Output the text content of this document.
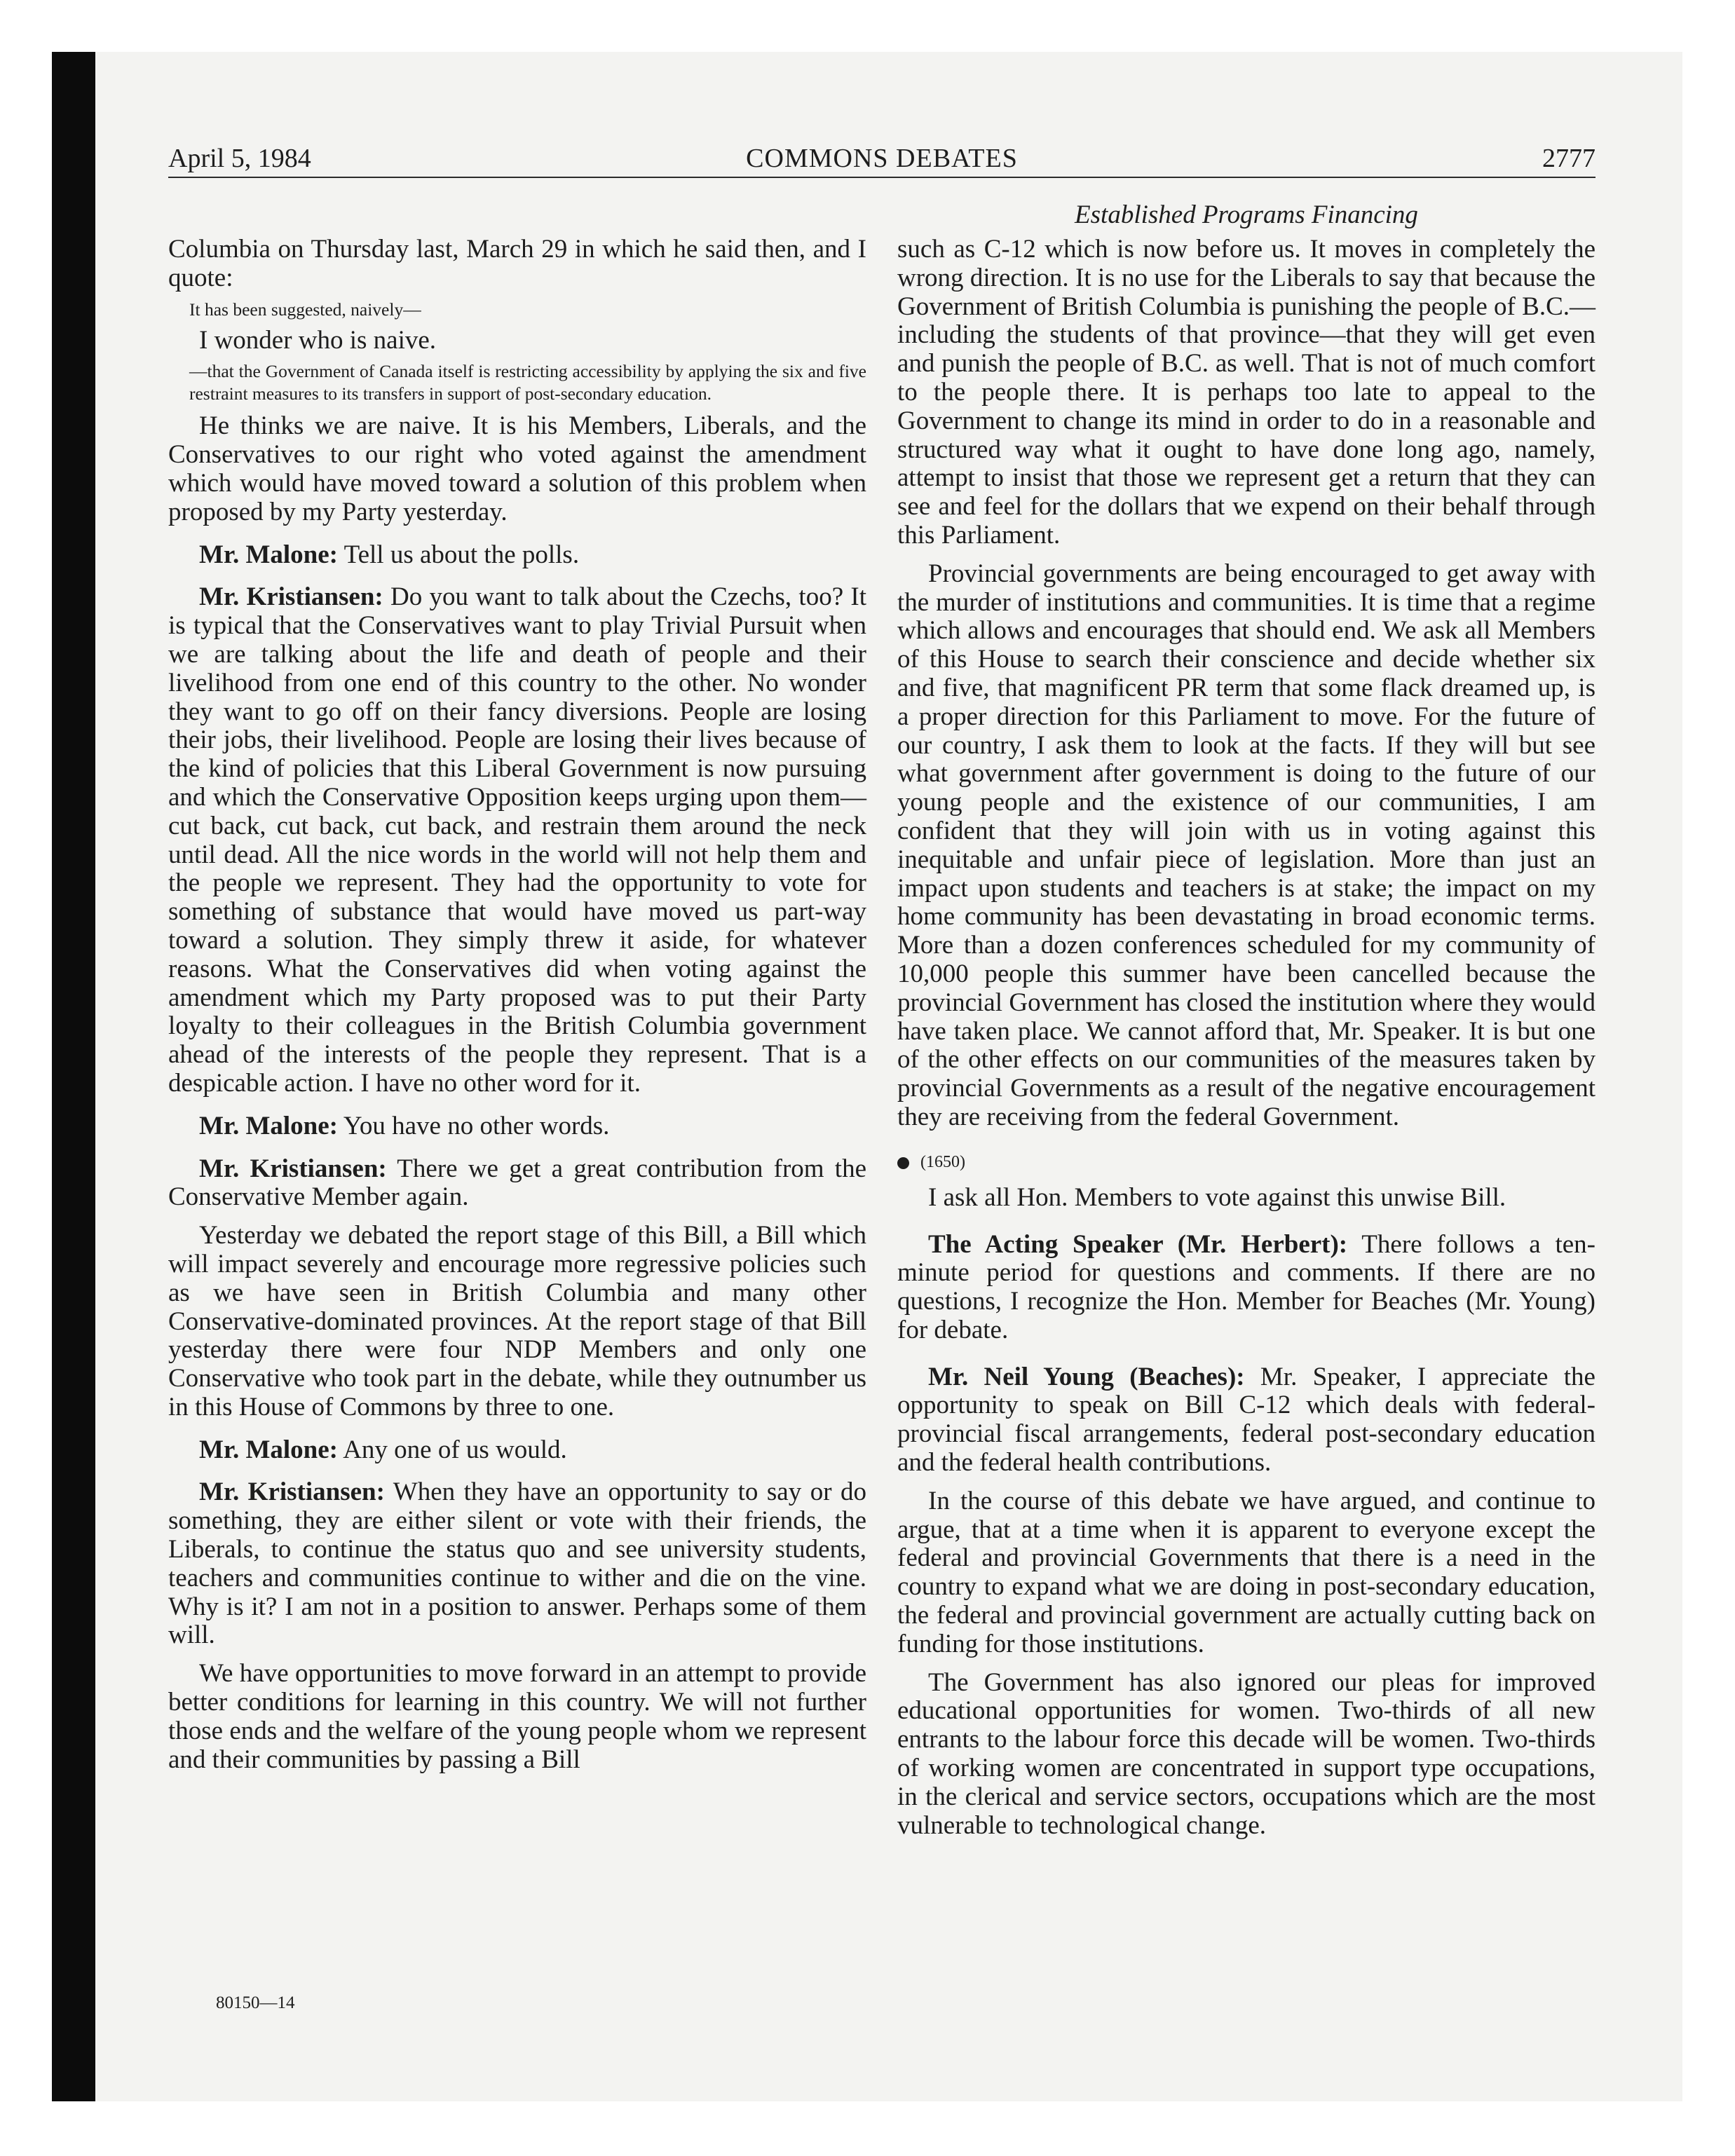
April 5, 1984	COMMONS DEBATES	2777
Established Programs Financing

Columbia on Thursday last, March 29 in which he said then, and I quote:

It has been suggested, naively—

I wonder who is naive.

—that the Government of Canada itself is restricting accessibility by applying the six and five restraint measures to its transfers in support of post-secondary education.

He thinks we are naive. It is his Members, Liberals, and the Conservatives to our right who voted against the amendment which would have moved toward a solution of this problem when proposed by my Party yesterday.

Mr. Malone: Tell us about the polls.

Mr. Kristiansen: Do you want to talk about the Czechs, too? It is typical that the Conservatives want to play Trivial Pursuit when we are talking about the life and death of people and their livelihood from one end of this country to the other. No wonder they want to go off on their fancy diversions. People are losing their jobs, their livelihood. People are losing their lives because of the kind of policies that this Liberal Government is now pursuing and which the Conservative Opposition keeps urging upon them—cut back, cut back, cut back, and restrain them around the neck until dead. All the nice words in the world will not help them and the people we represent. They had the opportunity to vote for something of substance that would have moved us part-way toward a solution. They simply threw it aside, for whatever reasons. What the Conservatives did when voting against the amendment which my Party proposed was to put their Party loyalty to their colleagues in the British Columbia government ahead of the interests of the people they represent. That is a despicable action. I have no other word for it.

Mr. Malone: You have no other words.

Mr. Kristiansen: There we get a great contribution from the Conservative Member again.

Yesterday we debated the report stage of this Bill, a Bill which will impact severely and encourage more regressive policies such as we have seen in British Columbia and many other Conservative-dominated provinces. At the report stage of that Bill yesterday there were four NDP Members and only one Conservative who took part in the debate, while they outnumber us in this House of Commons by three to one.

Mr. Malone: Any one of us would.

Mr. Kristiansen: When they have an opportunity to say or do something, they are either silent or vote with their friends, the Liberals, to continue the status quo and see university students, teachers and communities continue to wither and die on the vine. Why is it? I am not in a position to answer. Perhaps some of them will.

We have opportunities to move forward in an attempt to provide better conditions for learning in this country. We will not further those ends and the welfare of the young people whom we represent and their communities by passing a Bill

such as C-12 which is now before us. It moves in completely the wrong direction. It is no use for the Liberals to say that because the Government of British Columbia is punishing the people of B.C.—including the students of that province—that they will get even and punish the people of B.C. as well. That is not of much comfort to the people there. It is perhaps too late to appeal to the Government to change its mind in order to do in a reasonable and structured way what it ought to have done long ago, namely, attempt to insist that those we represent get a return that they can see and feel for the dollars that we expend on their behalf through this Parliament.

Provincial governments are being encouraged to get away with the murder of institutions and communities. It is time that a regime which allows and encourages that should end. We ask all Members of this House to search their conscience and decide whether six and five, that magnificent PR term that some flack dreamed up, is a proper direction for this Parliament to move. For the future of our country, I ask them to look at the facts. If they will but see what government after government is doing to the future of our young people and the existence of our communities, I am confident that they will join with us in voting against this inequitable and unfair piece of legislation. More than just an impact upon students and teachers is at stake; the impact on my home community has been devastating in broad economic terms. More than a dozen conferences scheduled for my community of 10,000 people this summer have been cancelled because the provincial Government has closed the institution where they would have taken place. We cannot afford that, Mr. Speaker. It is but one of the other effects on our communities of the measures taken by provincial Governments as a result of the negative encouragement they are receiving from the federal Government.

(1650)

I ask all Hon. Members to vote against this unwise Bill.

The Acting Speaker (Mr. Herbert): There follows a ten-minute period for questions and comments. If there are no questions, I recognize the Hon. Member for Beaches (Mr. Young) for debate.

Mr. Neil Young (Beaches): Mr. Speaker, I appreciate the opportunity to speak on Bill C-12 which deals with federal-provincial fiscal arrangements, federal post-secondary education and the federal health contributions.

In the course of this debate we have argued, and continue to argue, that at a time when it is apparent to everyone except the federal and provincial Governments that there is a need in the country to expand what we are doing in post-secondary education, the federal and provincial government are actually cutting back on funding for those institutions.

The Government has also ignored our pleas for improved educational opportunities for women. Two-thirds of all new entrants to the labour force this decade will be women. Two-thirds of working women are concentrated in support type occupations, in the clerical and service sectors, occupations which are the most vulnerable to technological change.

80150—14
